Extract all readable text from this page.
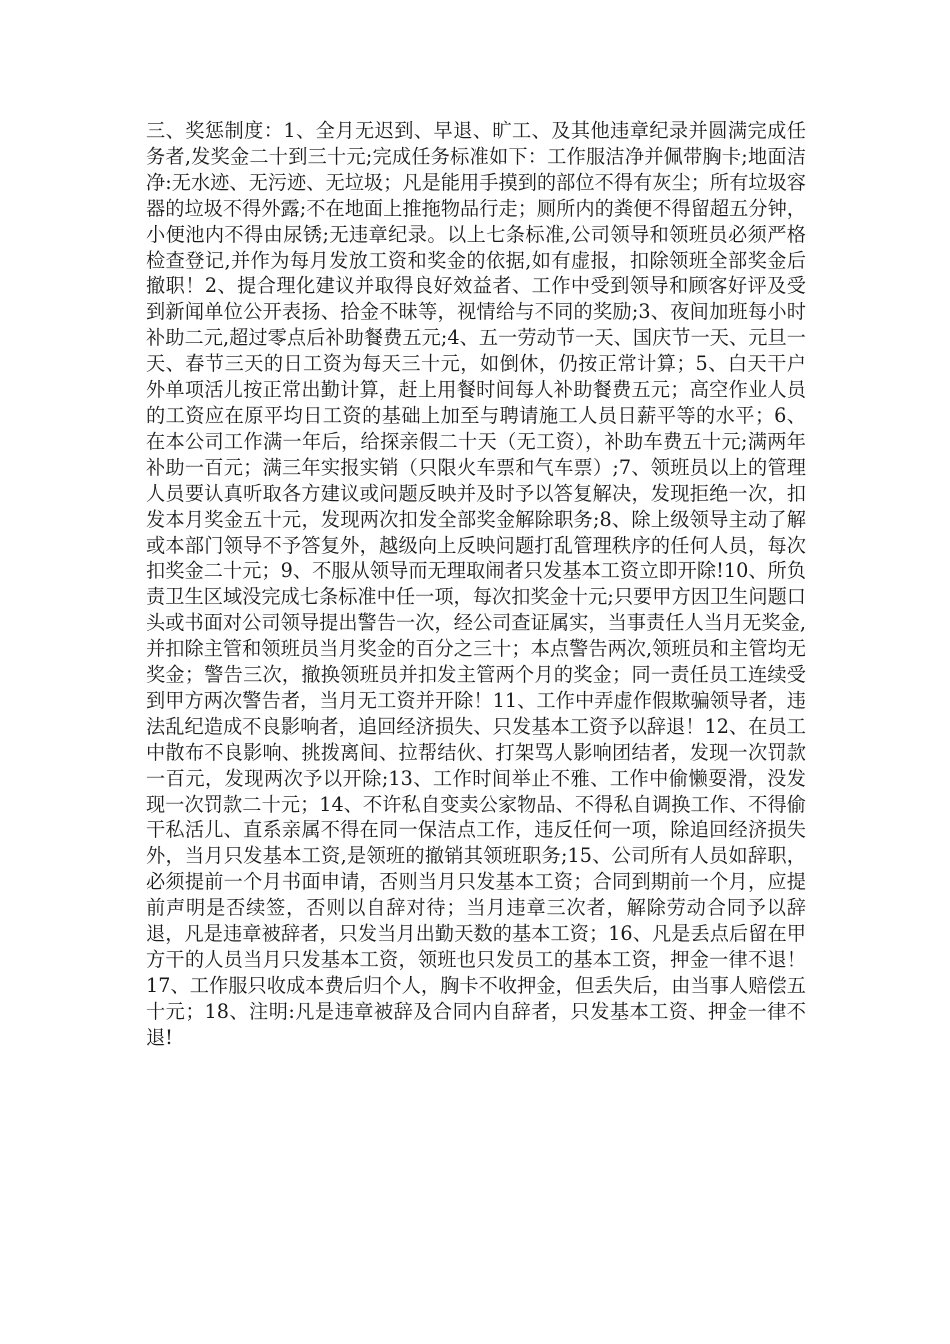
三、奖惩制度：1、全月无迟到、早退、旷工、及其他违章纪录并圆满完成任务者,发奖金二十到三十元;完成任务标准如下：工作服洁净并佩带胸卡;地面洁净:无水迹、无污迹、无垃圾；凡是能用手摸到的部位不得有灰尘；所有垃圾容器的垃圾不得外露;不在地面上推拖物品行走；厕所内的粪便不得留超五分钟，小便池内不得由尿锈;无违章纪录。以上七条标准,公司领导和领班员必须严格检查登记,并作为每月发放工资和奖金的依据,如有虚报，扣除领班全部奖金后撤职！2、提合理化建议并取得良好效益者、工作中受到领导和顾客好评及受到新闻单位公开表扬、拾金不昧等，视情给与不同的奖励;3、夜间加班每小时补助二元,超过零点后补助餐费五元;4、五一劳动节一天、国庆节一天、元旦一天、春节三天的日工资为每天三十元，如倒休，仍按正常计算；5、白天干户外单项活儿按正常出勤计算，赶上用餐时间每人补助餐费五元；高空作业人员的工资应在原平均日工资的基础上加至与聘请施工人员日薪平等的水平；6、在本公司工作满一年后，给探亲假二十天（无工资），补助车费五十元;满两年补助一百元；满三年实报实销（只限火车票和气车票）;7、领班员以上的管理人员要认真听取各方建议或问题反映并及时予以答复解决，发现拒绝一次，扣发本月奖金五十元，发现两次扣发全部奖金解除职务;8、除上级领导主动了解或本部门领导不予答复外，越级向上反映问题打乱管理秩序的任何人员，每次扣奖金二十元；9、不服从领导而无理取闹者只发基本工资立即开除!10、所负责卫生区域没完成七条标准中任一项，每次扣奖金十元;只要甲方因卫生问题口头或书面对公司领导提出警告一次，经公司查证属实，当事责任人当月无奖金,并扣除主管和领班员当月奖金的百分之三十；本点警告两次,领班员和主管均无奖金；警告三次，撤换领班员并扣发主管两个月的奖金；同一责任员工连续受到甲方两次警告者，当月无工资并开除！11、工作中弄虚作假欺骗领导者，违法乱纪造成不良影响者，追回经济损失、只发基本工资予以辞退！12、在员工中散布不良影响、挑拨离间、拉帮结伙、打架骂人影响团结者，发现一次罚款一百元，发现两次予以开除;13、工作时间举止不雅、工作中偷懒耍滑，没发现一次罚款二十元；14、不许私自变卖公家物品、不得私自调换工作、不得偷干私活儿、直系亲属不得在同一保洁点工作，违反任何一项，除追回经济损失外，当月只发基本工资,是领班的撤销其领班职务;15、公司所有人员如辞职，必须提前一个月书面申请，否则当月只发基本工资；合同到期前一个月，应提前声明是否续签，否则以自辞对待；当月违章三次者，解除劳动合同予以辞退，凡是违章被辞者，只发当月出勤天数的基本工资；16、凡是丢点后留在甲方干的人员当月只发基本工资，领班也只发员工的基本工资，押金一律不退！17、工作服只收成本费后归个人，胸卡不收押金，但丢失后，由当事人赔偿五十元；18、注明:凡是违章被辞及合同内自辞者，只发基本工资、押金一律不退!
